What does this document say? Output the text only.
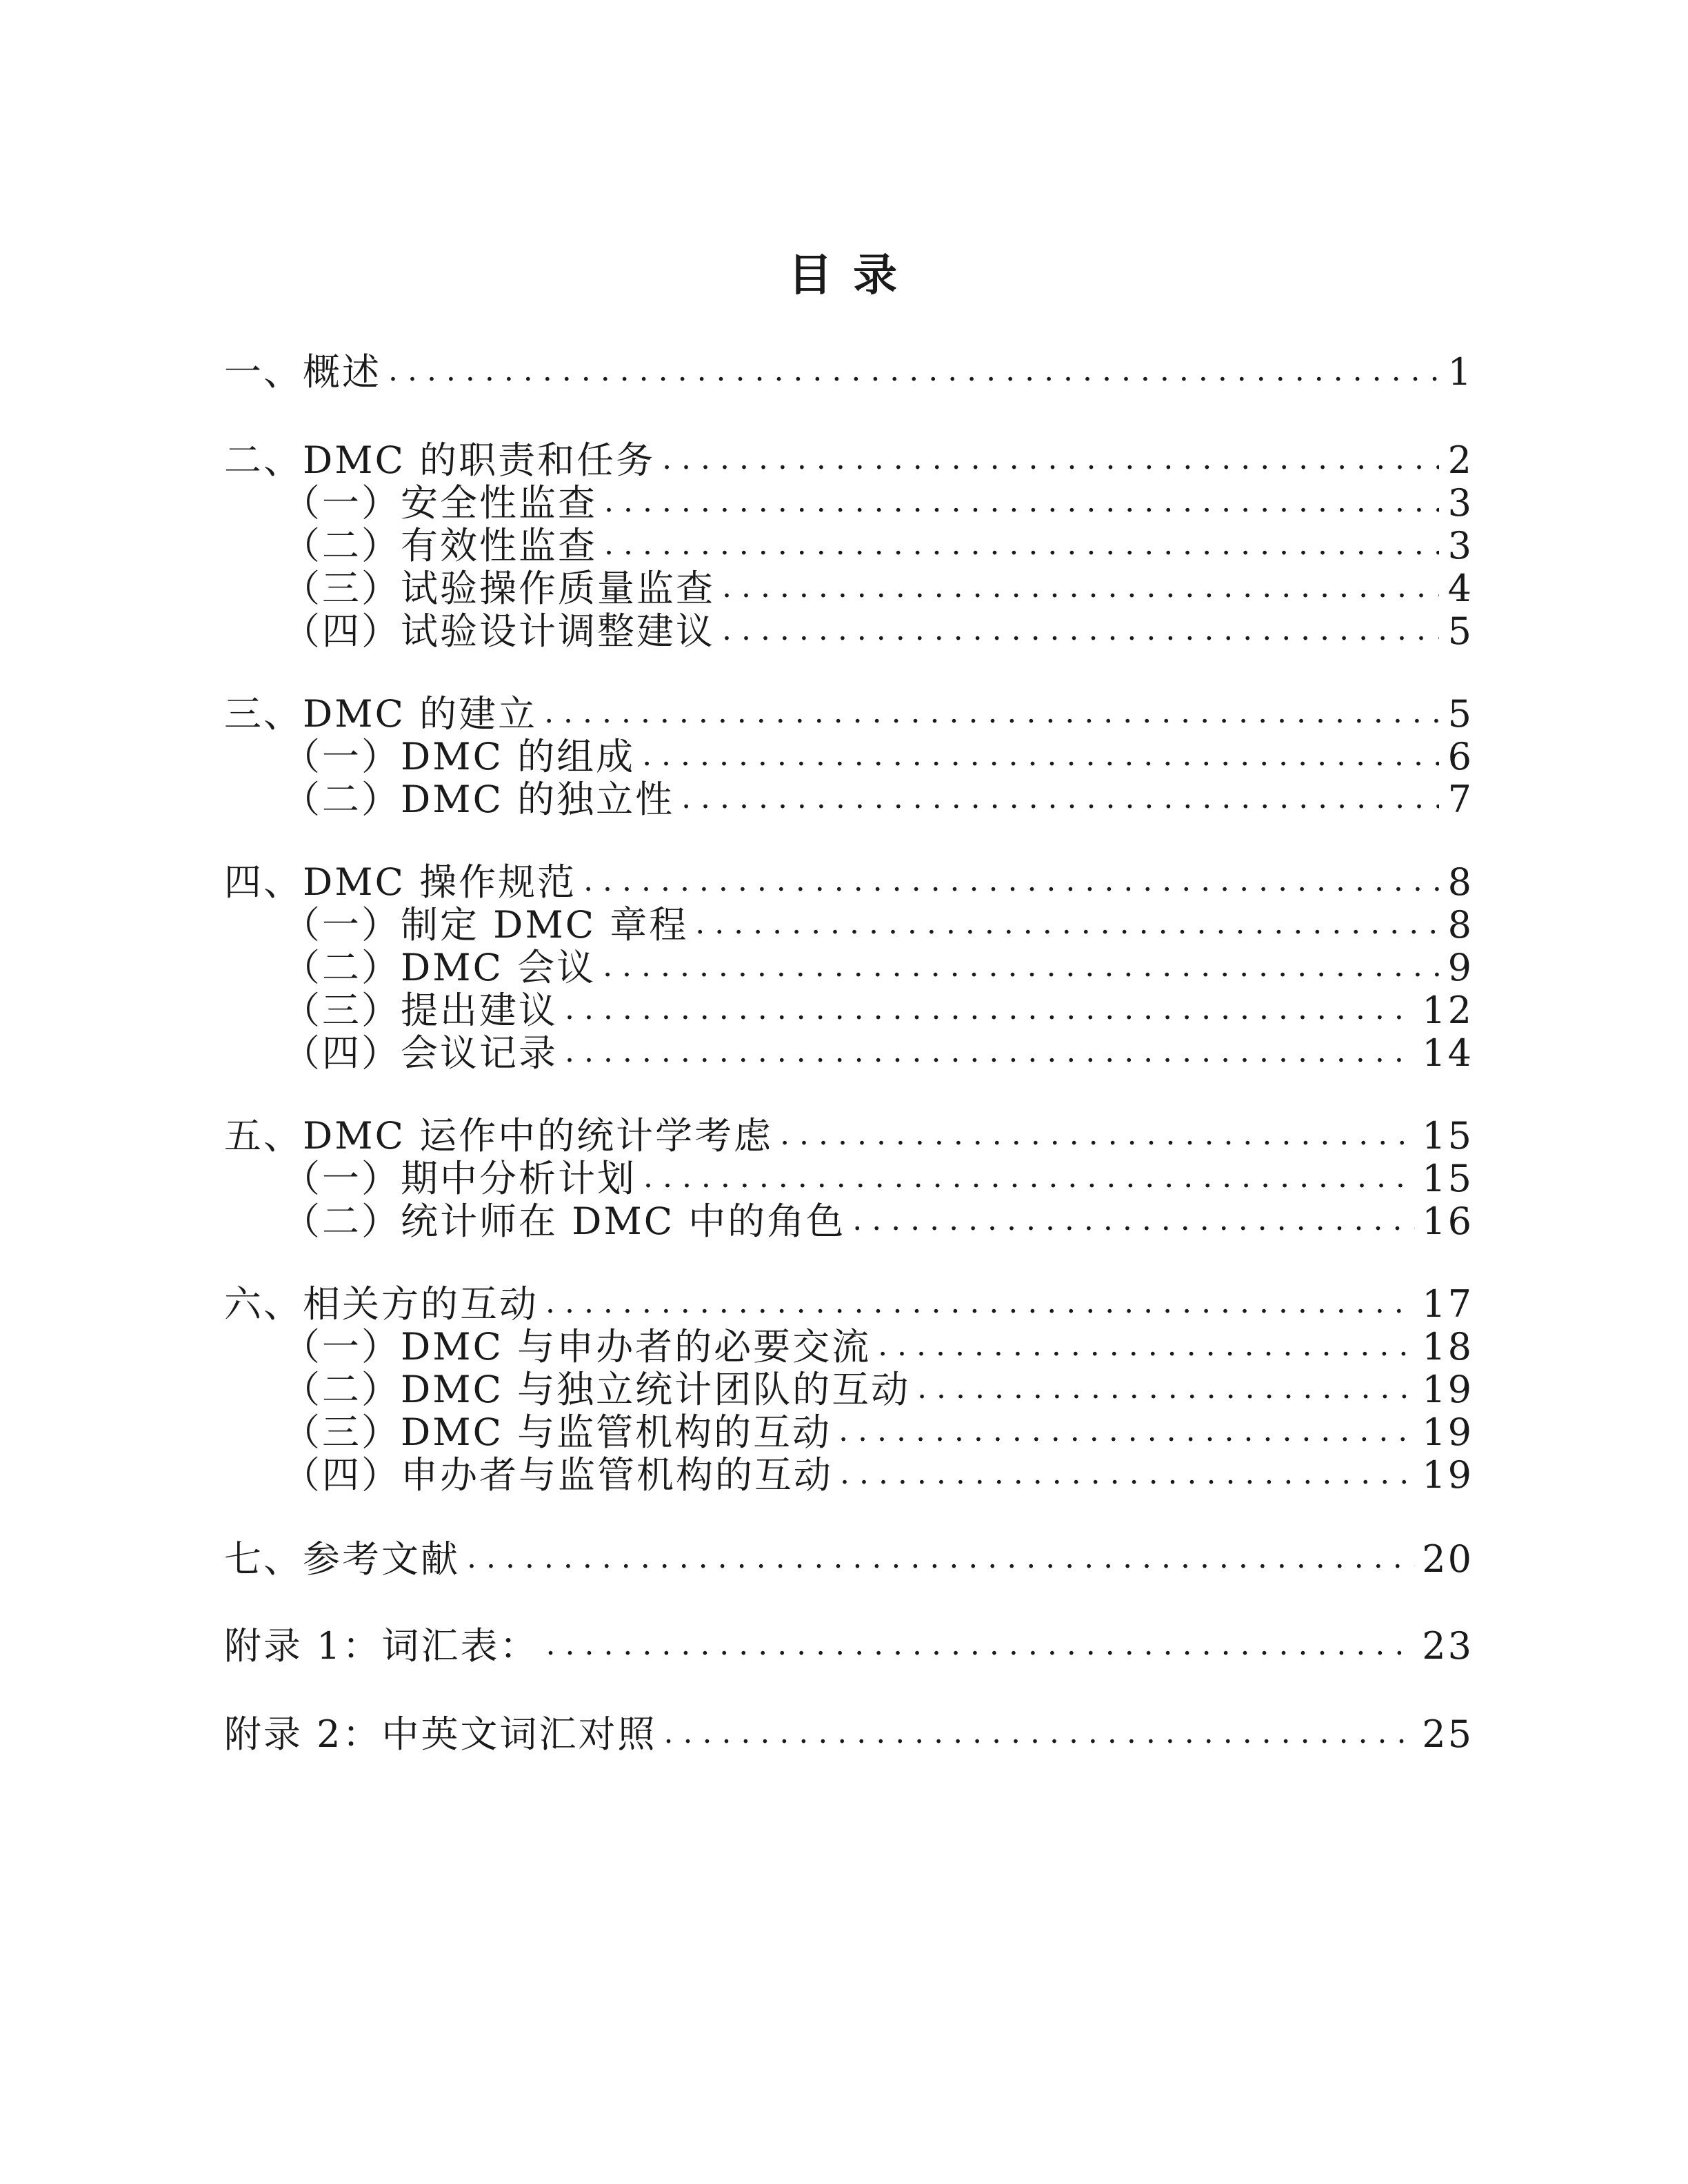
目 录
一、概述 . . .	1
二、DMC 的职责和任务 . . .	2
（一）安全性监查 . . .	3
（二）有效性监查 . . .	3
（三）试验操作质量监查 . . .	4
（四）试验设计调整建议 . . .	5
三、DMC 的建立 . . .	5
（一）DMC 的组成 . . .	6
（二）DMC 的独立性 . . .	7
四、DMC 操作规范 . . .	8
（一）制定 DMC 章程 . . .	8
（二）DMC 会议 . . .	9
（三）提出建议 . . .	12
（四）会议记录 . . .	14
五、DMC 运作中的统计学考虑 . . .	15
（一）期中分析计划 . . .	15
（二）统计师在 DMC 中的角色 . . .	16
六、相关方的互动 . . .	17
（一）DMC 与申办者的必要交流 . . .	18
（二）DMC 与独立统计团队的互动 . . .	19
（三）DMC 与监管机构的互动 . . .	19
（四）申办者与监管机构的互动 . . .	19
七、参考文献 . . .	20
附录 1：词汇表： . . .	23
附录 2：中英文词汇对照 . . .	25
